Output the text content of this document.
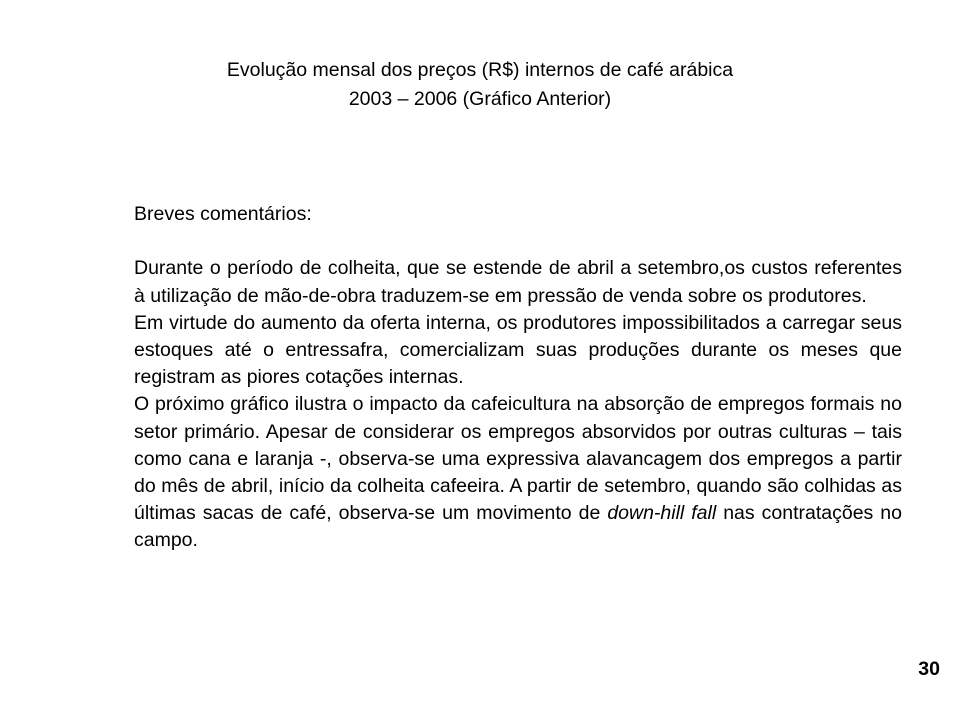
Evolução mensal dos preços (R$) internos de café arábica
2003 – 2006 (Gráfico Anterior)

Breves comentários:

Durante o período de colheita, que se estende de abril a setembro,os custos referentes à utilização de mão-de-obra traduzem-se em pressão de venda sobre os produtores.

Em virtude do aumento da oferta interna, os produtores impossibilitados a carregar seus estoques até o entressafra, comercializam suas produções durante os meses que registram as piores cotações internas.

O próximo gráfico ilustra o impacto da cafeicultura na absorção de empregos formais no setor primário. Apesar de considerar os empregos absorvidos por outras culturas – tais como cana e laranja -, observa-se uma expressiva alavancagem dos empregos a partir do mês de abril, início da colheita cafeeira. A partir de setembro, quando são colhidas as últimas sacas de café, observa-se um movimento de down-hill fall nas contratações no campo.

30
